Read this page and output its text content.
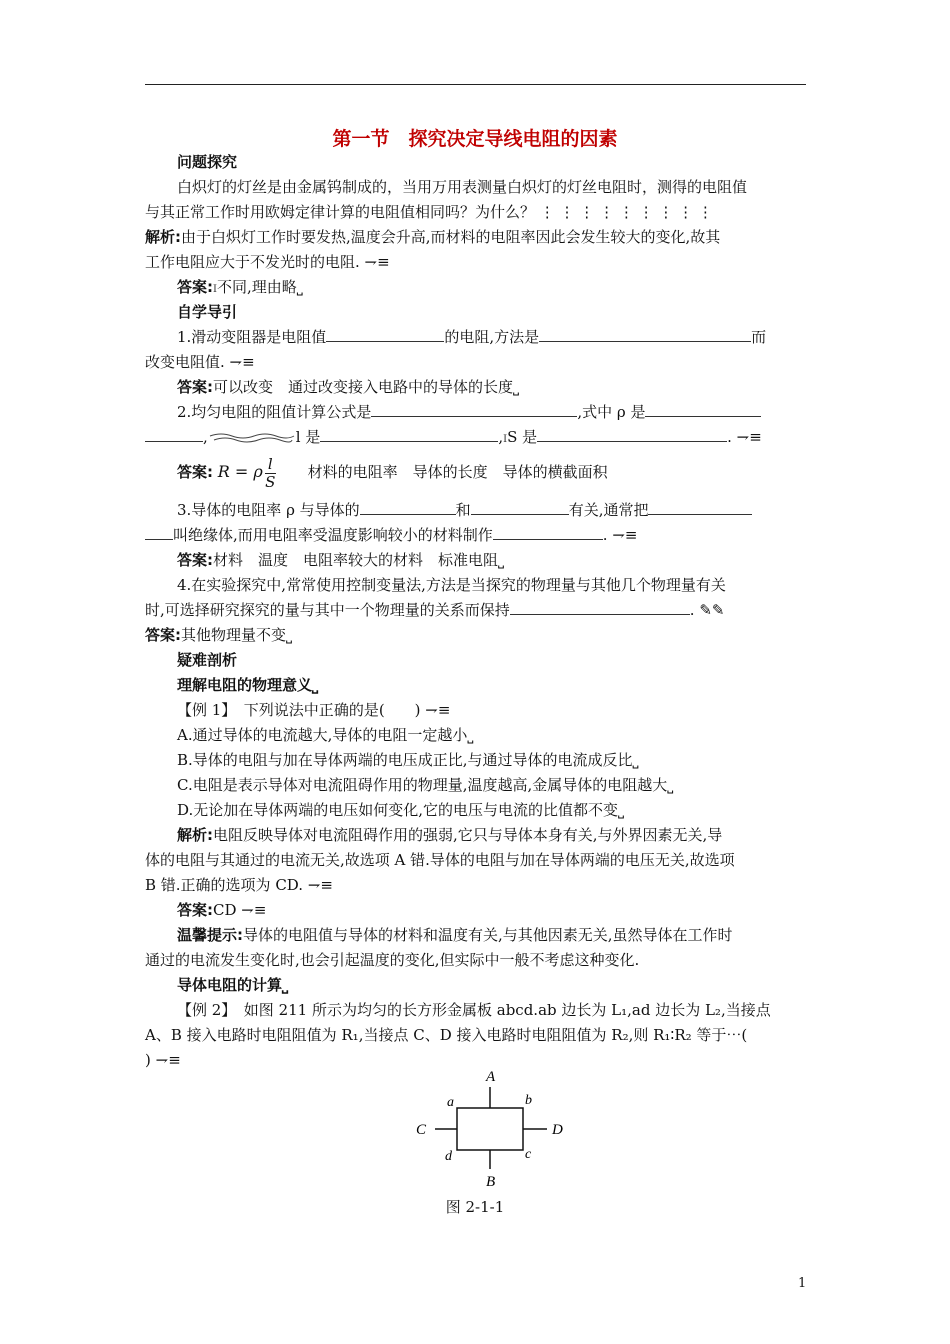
第一节　探究决定导线电阻的因素
问题探究
白炽灯的灯丝是由金属钨制成的，当用万用表测量白炽灯的灯丝电阻时，测得的电阻值
与其正常工作时用欧姆定律计算的电阻值相同吗？为什么？ ⋮ ⋮ ⋮ ⋮ ⋮ ⋮ ⋮ ⋮ ⋮
解析:由于白炽灯工作时要发热,温度会升高,而材料的电阻率因此会发生较大的变化,故其
工作电阻应大于不发光时的电阻. ⇁≡
答案:Ⅰ不同,理由略⎵
自学导引
1.滑动变阻器是电阻值	的电阻,方法是	而
改变电阻值. ⇁≡
答案:可以改变　通过改变接入电路中的导体的长度⎵
2.均匀电阻的阻值计算公式是	,式中 ρ 是
,	l 是	,ⅠS 是	. ⇁≡
答案: R = ρ $\frac{l}{S}$
　　 材料的电阻率　导体的长度　导体的横截面积
3.导体的电阻率 ρ 与导体的	和	有关,通常把
叫绝缘体,而用电阻率受温度影响较小的材料制作	. ⇁≡
答案:材料　温度　电阻率较大的材料　标准电阻⎵
4.在实验探究中,常常使用控制变量法,方法是当探究的物理量与其他几个物理量有关
时,可选择研究探究的量与其中一个物理量的关系而保持	. ✎✎
答案:其他物理量不变⎵
疑难剖析
理解电阻的物理意义⎵
【例 1】　下列说法中正确的是(　　) ⇁≡
A.通过导体的电流越大,导体的电阻一定越小⎵
B.导体的电阻与加在导体两端的电压成正比,与通过导体的电流成反比⎵
C.电阻是表示导体对电流阻碍作用的物理量,温度越高,金属导体的电阻越大⎵
D.无论加在导体两端的电压如何变化,它的电压与电流的比值都不变⎵
解析:电阻反映导体对电流阻碍作用的强弱,它只与导体本身有关,与外界因素无关,导
体的电阻与其通过的电流无关,故选项 A 错.导体的电阻与加在导体两端的电压无关,故选项
B 错.正确的选项为 CD. ⇁≡
答案:CD ⇁≡
温馨提示:导体的电阻值与导体的材料和温度有关,与其他因素无关,虽然导体在工作时
通过的电流发生变化时,也会引起温度的变化,但实际中一般不考虑这种变化.
导体电阻的计算⎵
【例 2】　如图 211 所示为均匀的长方形金属板 abcd.ab 边长为 L₁,ad 边长为 L₂,当接点
A、B 接入电路时电阻阻值为 R₁,当接点 C、D 接入电路时电阻阻值为 R₂,则 R₁∶R₂ 等于⋯(
) ⇁≡
A
B
C	D
a	b
c
d
图 2-1-1
1
